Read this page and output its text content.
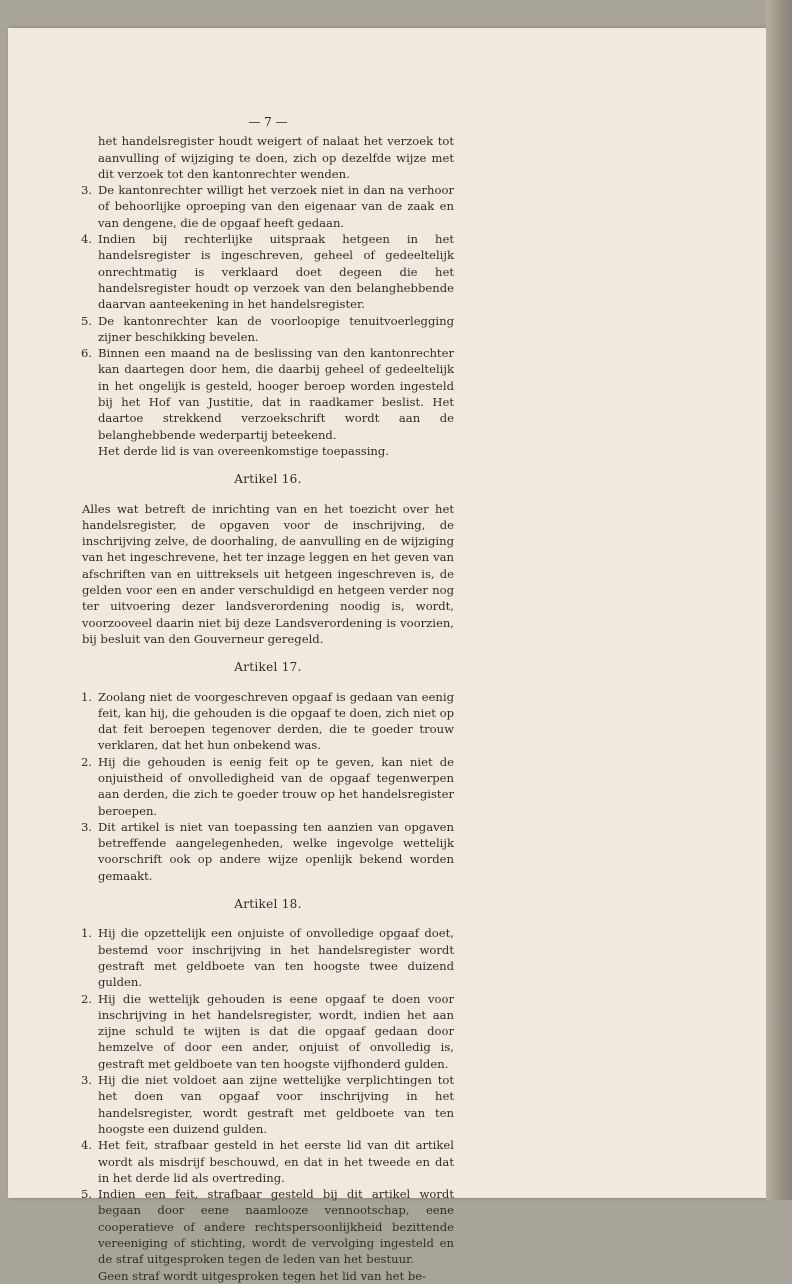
— 7 —

het handelsregister houdt weigert of nalaat het verzoek tot aanvulling of wijziging te doen, zich op dezelfde wijze met dit verzoek tot den kantonrechter wenden.

3. De kantonrechter willigt het verzoek niet in dan na verhoor of behoorlijke oproeping van den eigenaar van de zaak en van dengene, die de opgaaf heeft gedaan.
4. Indien bij rechterlijke uitspraak hetgeen in het handelsregister is ingeschreven, geheel of gedeeltelijk onrechtmatig is verklaard doet degeen die het handelsregister houdt op verzoek van den belanghebbende daarvan aanteekening in het handelsregister.
5. De kantonrechter kan de voorloopige tenuitvoerlegging zijner beschikking bevelen.
6. Binnen een maand na de beslissing van den kantonrechter kan daartegen door hem, die daarbij geheel of gedeeltelijk in het ongelijk is gesteld, hooger beroep worden ingesteld bij het Hof van Justitie, dat in raadkamer beslist. Het daartoe strekkend verzoekschrift wordt aan de belanghebbende wederpartij beteekend.

Het derde lid is van overeenkomstige toepassing.

Artikel 16.

Alles wat betreft de inrichting van en het toezicht over het handelsregister, de opgaven voor de inschrijving, de inschrijving zelve, de doorhaling, de aanvulling en de wijziging van het ingeschrevene, het ter inzage leggen en het geven van afschriften van en uittreksels uit hetgeen ingeschreven is, de gelden voor een en ander verschuldigd en hetgeen verder nog ter uitvoering dezer landsverordening noodig is, wordt, voorzooveel daarin niet bij deze Landsverordening is voorzien, bij besluit van den Gouverneur geregeld.

Artikel 17.

1. Zoolang niet de voorgeschreven opgaaf is gedaan van eenig feit, kan hij, die gehouden is die opgaaf te doen, zich niet op dat feit beroepen tegenover derden, die te goeder trouw verklaren, dat het hun onbekend was.
2. Hij die gehouden is eenig feit op te geven, kan niet de onjuistheid of onvolledigheid van de opgaaf tegenwerpen aan derden, die zich te goeder trouw op het handelsregister beroepen.
3. Dit artikel is niet van toepassing ten aanzien van opgaven betreffende aangelegenheden, welke ingevolge wettelijk voorschrift ook op andere wijze openlijk bekend worden gemaakt.

Artikel 18.

1. Hij die opzettelijk een onjuiste of onvolledige opgaaf doet, bestemd voor inschrijving in het handelsregister wordt gestraft met geldboete van ten hoogste twee duizend gulden.
2. Hij die wettelijk gehouden is eene opgaaf te doen voor inschrijving in het handelsregister, wordt, indien het aan zijne schuld te wijten is dat die opgaaf gedaan door hemzelve of door een ander, onjuist of onvolledig is, gestraft met geldboete van ten hoogste vijfhonderd gulden.
3. Hij die niet voldoet aan zijne wettelijke verplichtingen tot het doen van opgaaf voor inschrijving in het handelsregister, wordt gestraft met geldboete van ten hoogste een duizend gulden.
4. Het feit, strafbaar gesteld in het eerste lid van dit artikel wordt als misdrijf beschouwd, en dat in het tweede en dat in het derde lid als overtreding.
5. Indien een feit, strafbaar gesteld bij dit artikel wordt begaan door eene naamlooze vennootschap, eene cooperatieve of andere rechtspersoonlijkheid bezittende vereeniging of stichting, wordt de vervolging ingesteld en de straf uitgesproken tegen de leden van het bestuur.

Geen straf wordt uitgesproken tegen het lid van het be-
